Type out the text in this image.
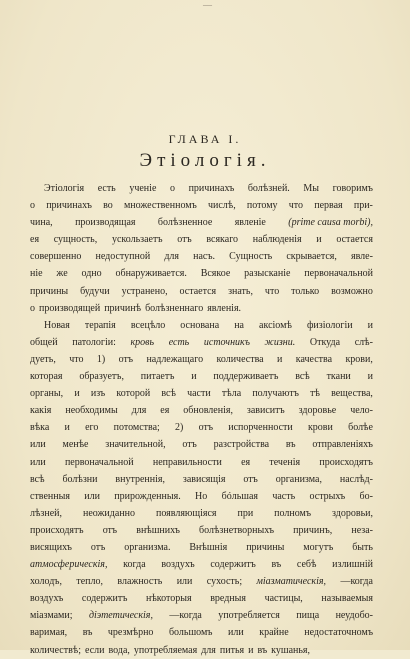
—
ГЛАВА I.
Этіологія.
Этіологія есть ученіе о причинахъ болѣзней. Мы говоримъ
о причинахъ во множественномъ числѣ, потому что первая при-
чина, производящая болѣзненное явленіе (prime causa morbi),
ея сущность, ускользаетъ отъ всякаго наблюденія и остается
совершенно недоступной для насъ. Сущность скрывается, явле-
ніе же одно обнаруживается. Всякое разысканіе первоначальной
причины будучи устранено, остается знать, что только возможно
о производящей причинѣ болѣзненнаго явленія.
Новая терапія всецѣло основана на аксіомѣ физіологіи и
общей патологіи: кровь есть источникъ жизни. Откуда слѣ-
дуеть, что 1) отъ надлежащаго количества и качества крови,
которая образуетъ, питаетъ и поддерживаетъ всѣ ткани и
органы, и изъ которой всѣ части тѣла получаютъ тѣ вещества,
какія необходимы для ея обновленія, зависитъ здоровье чело-
вѣка и его потомства; 2) отъ испорченности крови болѣе
или менѣе значительной, отъ разстройства въ отправленіяхъ
или первоначальной неправильности ея теченія происходятъ
всѣ болѣзни внутреннія, зависящія отъ организма, наслѣд-
ственныя или прирожденныя. Но бóльшая часть острыхъ бо-
лѣзней, неожиданно появляющіяся при полномъ здоровьи,
происходятъ отъ внѣшнихъ болѣзнетворныхъ причинъ, неза-
висящихъ отъ организма. Внѣшнія причины могутъ быть
атмосферическія, когда воздухъ содержитъ въ себѣ излишній
холодъ, тепло, влажность или сухость; міазматическія, —когда
воздухъ содержитъ нѣкоторыя вредныя частицы, называемыя
міазмами; діэтетическія, —когда употребляется пища неудобо-
варимая, въ чрезмѣрно большомъ или крайне недостаточномъ
количествѣ; если вода, употребляемая для питья и въ кушанья,
